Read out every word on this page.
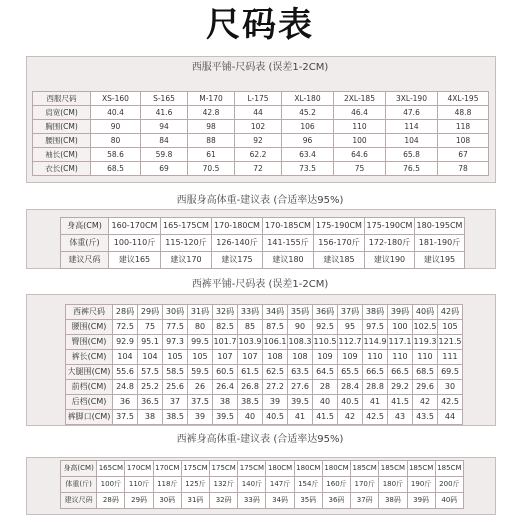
尺码表
西服平铺-尺码表 (误差1-2CM)
西服尺码	XS-160	S-165	M-170	L-175	XL-180	2XL-185	3XL-190	4XL-195
肩宽(CM)	40.4	41.6	42.8	44	45.2	46.4	47.6	48.8
胸围(CM)	90	94	98	102	106	110	114	118
腰围(CM)	80	84	88	92	96	100	104	108
袖长(CM)	58.6	59.8	61	62.2	63.4	64.6	65.8	67
衣长(CM)	68.5	69	70.5	72	73.5	75	76.5	78
西服身高体重-建议表 (合适率达95%)
身高(CM)	160-170CM	165-175CM	170-180CM	170-185CM	175-190CM	175-190CM	180-195CM
体重(斤)	100-110斤	115-120斤	126-140斤	141-155斤	156-170斤	172-180斤	181-190斤
建议尺码	建议165	建议170	建议175	建议180	建议185	建议190	建议195
西裤平铺-尺码表 (误差1-2CM)
西裤尺码	28码	29码	30码	31码	32码	33码	34码	35码	36码	37码	38码	39码	40码	42码
腰围(CM)	72.5	75	77.5	80	82.5	85	87.5	90	92.5	95	97.5	100	102.5	105
臀围(CM)	92.9	95.1	97.3	99.5	101.7	103.9	106.1	108.3	110.5	112.7	114.9	117.1	119.3	121.5
裤长(CM)	104	104	105	105	107	107	108	108	109	109	110	110	110	111
大腿围(CM)	55.6	57.5	58.5	59.5	60.5	61.5	62.5	63.5	64.5	65.5	66.5	66.5	68.5	69.5
前档(CM)	24.8	25.2	25.6	26	26.4	26.8	27.2	27.6	28	28.4	28.8	29.2	29.6	30
后档(CM)	36	36.5	37	37.5	38	38.5	39	39.5	40	40.5	41	41.5	42	42.5
裤脚口(CM)	37.5	38	38.5	39	39.5	40	40.5	41	41.5	42	42.5	43	43.5	44
西裤身高体重-建议表 (合适率达95%)
身高(CM)	165CM	170CM	170CM	175CM	175CM	175CM	180CM	180CM	180CM	185CM	185CM	185CM	185CM
体重(斤)	100斤	110斤	118斤	125斤	132斤	140斤	147斤	154斤	160斤	170斤	180斤	190斤	200斤
建议尺码	28码	29码	30码	31码	32码	33码	34码	35码	36码	37码	38码	39码	40码
